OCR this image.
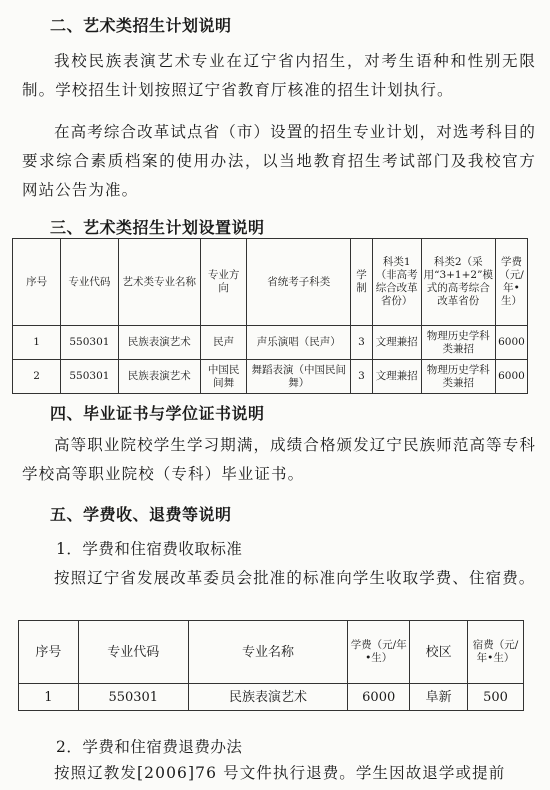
二、艺术类招生计划说明
我校民族表演艺术专业在辽宁省内招生，对考生语种和性别无限制。学校招生计划按照辽宁省教育厅核准的招生计划执行。
在高考综合改革试点省（市）设置的招生专业计划，对选考科目的要求综合素质档案的使用办法，以当地教育招生考试部门及我校官方网站公告为准。
三、艺术类招生计划设置说明
序号	专业代码	艺术类专业名称	专业方向	省统考子科类	学制	科类1（非高考综合改革省份）	科类2（采用“3+1+2”模式的高考综合改革省份	学费（元/年•生）
1	550301	民族表演艺术	民声	声乐演唱（民声）	3	文理兼招	物理历史学科类兼招	6000
2	550301	民族表演艺术	中国民间舞	舞蹈表演（中国民间舞）	3	文理兼招	物理历史学科类兼招	6000
四、毕业证书与学位证书说明
高等职业院校学生学习期满，成绩合格颁发辽宁民族师范高等专科学校高等职业院校（专科）毕业证书。
五、学费收、退费等说明
1．学费和住宿费收取标准
按照辽宁省发展改革委员会批准的标准向学生收取学费、住宿费。
序号	专业代码	专业名称	学费（元/年•生）	校区	宿费（元/年•生）
1	550301	民族表演艺术	6000	阜新	500
2．学费和住宿费退费办法
按照辽教发[2006]76 号文件执行退费。学生因故退学或提前
